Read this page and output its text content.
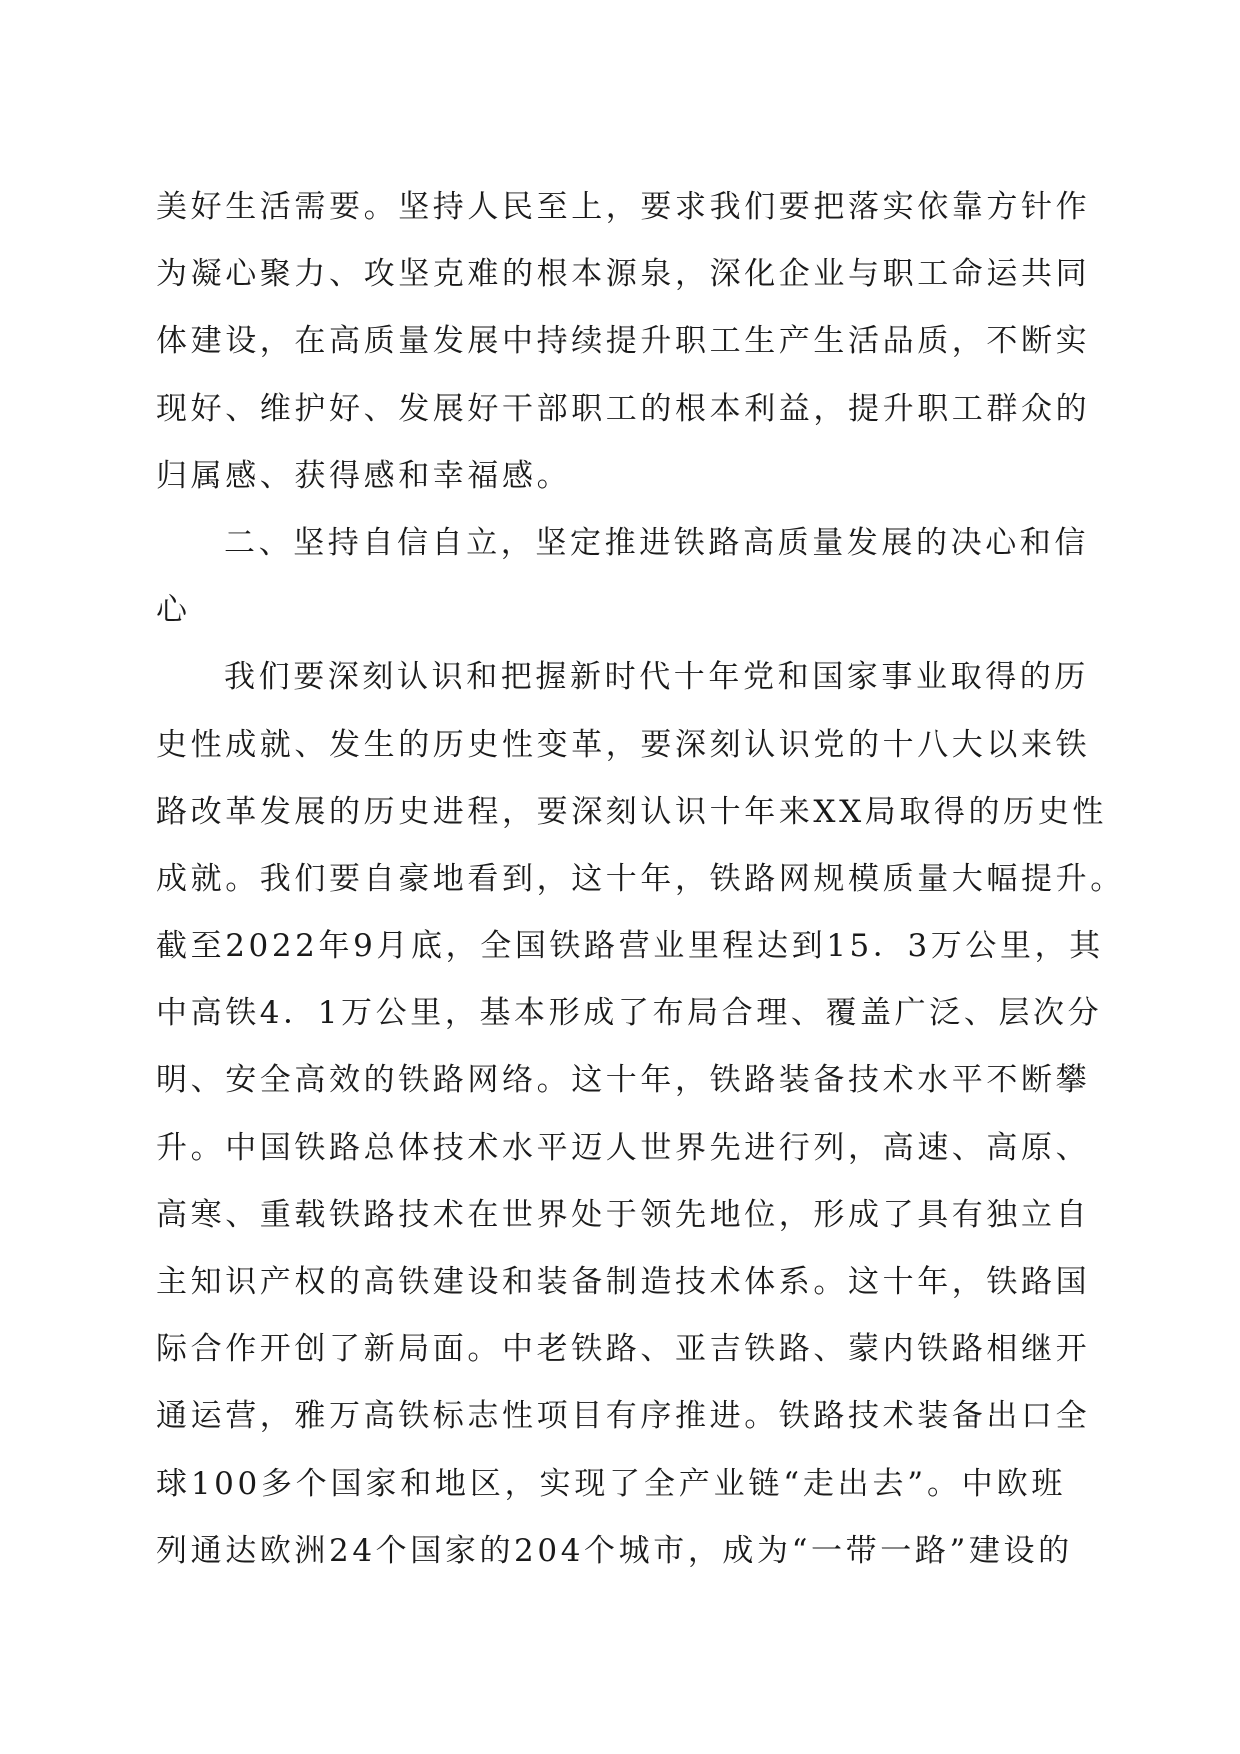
美好生活需要。坚持人民至上，要求我们要把落实依靠方针作
为凝心聚力、攻坚克难的根本源泉，深化企业与职工命运共同
体建设，在高质量发展中持续提升职工生产生活品质，不断实
现好、维护好、发展好干部职工的根本利益，提升职工群众的
归属感、获得感和幸福感。
二、坚持自信自立，坚定推进铁路高质量发展的决心和信
心
我们要深刻认识和把握新时代十年党和国家事业取得的历
史性成就、发生的历史性变革，要深刻认识党的十八大以来铁
路改革发展的历史进程，要深刻认识十年来XX局取得的历史性
成就。我们要自豪地看到，这十年，铁路网规模质量大幅提升。
截至2022年9月底，全国铁路营业里程达到15．3万公里，其
中高铁4．1万公里，基本形成了布局合理、覆盖广泛、层次分
明、安全高效的铁路网络。这十年，铁路装备技术水平不断攀
升。中国铁路总体技术水平迈人世界先进行列，高速、高原、
高寒、重载铁路技术在世界处于领先地位，形成了具有独立自
主知识产权的高铁建设和装备制造技术体系。这十年，铁路国
际合作开创了新局面。中老铁路、亚吉铁路、蒙内铁路相继开
通运营，雅万高铁标志性项目有序推进。铁路技术装备出口全
球100多个国家和地区，实现了全产业链“走出去”。中欧班
列通达欧洲24个国家的204个城市，成为“一带一路”建设的
